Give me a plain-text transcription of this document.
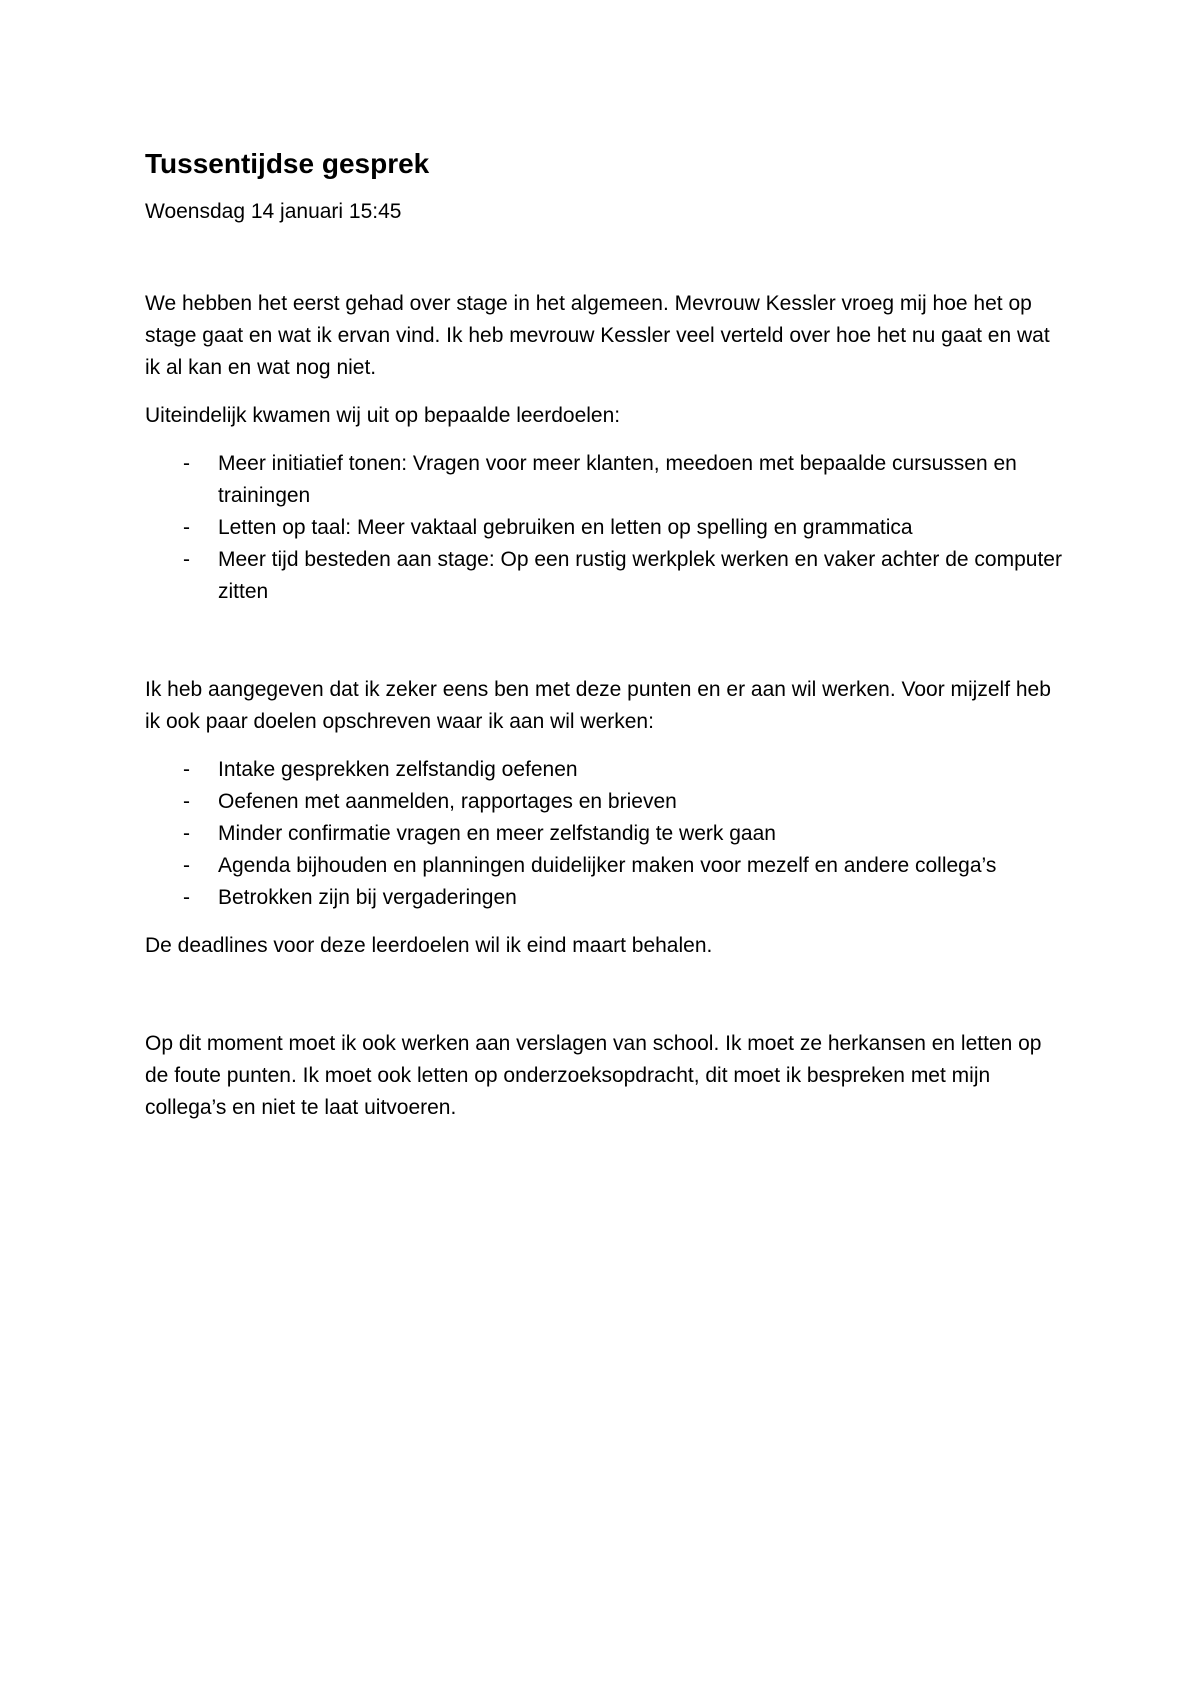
Tussentijdse gesprek
Woensdag 14 januari 15:45

We hebben het eerst gehad over stage in het algemeen. Mevrouw Kessler vroeg mij hoe het op stage gaat en wat ik ervan vind. Ik heb mevrouw Kessler veel verteld over hoe het nu gaat en wat ik al kan en wat nog niet.

Uiteindelijk kwamen wij uit op bepaalde leerdoelen:

- Meer initiatief tonen: Vragen voor meer klanten, meedoen met bepaalde cursussen en trainingen
- Letten op taal: Meer vaktaal gebruiken en letten op spelling en grammatica
- Meer tijd besteden aan stage: Op een rustig werkplek werken en vaker achter de computer zitten

Ik heb aangegeven dat ik zeker eens ben met deze punten en er aan wil werken. Voor mijzelf heb ik ook paar doelen opschreven waar ik aan wil werken:

- Intake gesprekken zelfstandig oefenen
- Oefenen met aanmelden, rapportages en brieven
- Minder confirmatie vragen en meer zelfstandig te werk gaan
- Agenda bijhouden en planningen duidelijker maken voor mezelf en andere collega’s
- Betrokken zijn bij vergaderingen

De deadlines voor deze leerdoelen wil ik eind maart behalen.

Op dit moment moet ik ook werken aan verslagen van school. Ik moet ze herkansen en letten op de foute punten. Ik moet ook letten op onderzoeksopdracht, dit moet ik bespreken met mijn collega’s en niet te laat uitvoeren.
